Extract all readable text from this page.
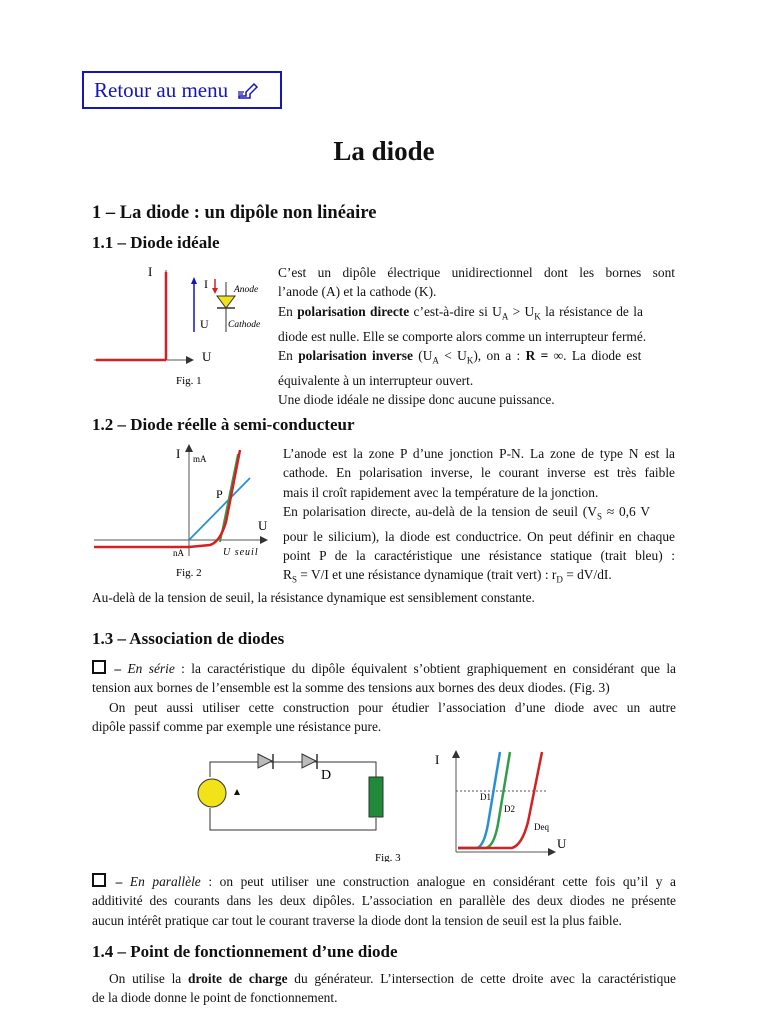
Retour au menu
La diode
1 – La diode : un dipôle non linéaire
1.1 – Diode idéale
I
U
Fig. 1
I
U
Anode
Cathode
C’est un dipôle électrique unidirectionnel dont les bornes sont
l’anode (A) et la cathode (K).
En polarisation directe c’est-à-dire si $U_A > U_K$ la résistance de la
diode est nulle. Elle se comporte alors comme un interrupteur fermé.
En polarisation inverse $(U_A < U_K)$, on a : R = ∞. La diode est
équivalente à un interrupteur ouvert.
Une diode idéale ne dissipe donc aucune puissance.
1.2 – Diode réelle à semi-conducteur
I mA
U
P
nA	U seuil
Fig. 2
L’anode est la zone P d’une jonction P-N. La zone de type N est la
cathode. En polarisation inverse, le courant inverse est très faible
mais il croît rapidement avec la température de la jonction.
En polarisation directe, au-delà de la tension de seuil ($V_S \approx 0,6$ V
pour le silicium), la diode est conductrice. On peut définir en chaque
point P de la caractéristique une résistance statique (trait bleu) :
$R_S = V/I$ et une résistance dynamique (trait vert) : $r_D = dV/dI$.
Au-delà de la tension de seuil, la résistance dynamique est sensiblement constante.
1.3 – Association de diodes
– En série : la caractéristique du dipôle équivalent s’obtient graphiquement en considérant que la
tension aux bornes de l’ensemble est la somme des tensions aux bornes des deux diodes. (Fig. 3)
On peut aussi utiliser cette construction pour étudier l’association d’une diode avec un autre
dipôle passif comme par exemple une résistance pure.
D
Fig. 3
I
U
D1
D2
Deq
– En parallèle : on peut utiliser une construction analogue en considérant cette fois qu’il y a
additivité des courants dans les deux dipôles. L’association en parallèle des deux diodes ne présente
aucun intérêt pratique car tout le courant traverse la diode dont la tension de seuil est la plus faible.
1.4 – Point de fonctionnement d’une diode
On utilise la droite de charge du générateur. L’intersection de cette droite avec la caractéristique
de la diode donne le point de fonctionnement.
